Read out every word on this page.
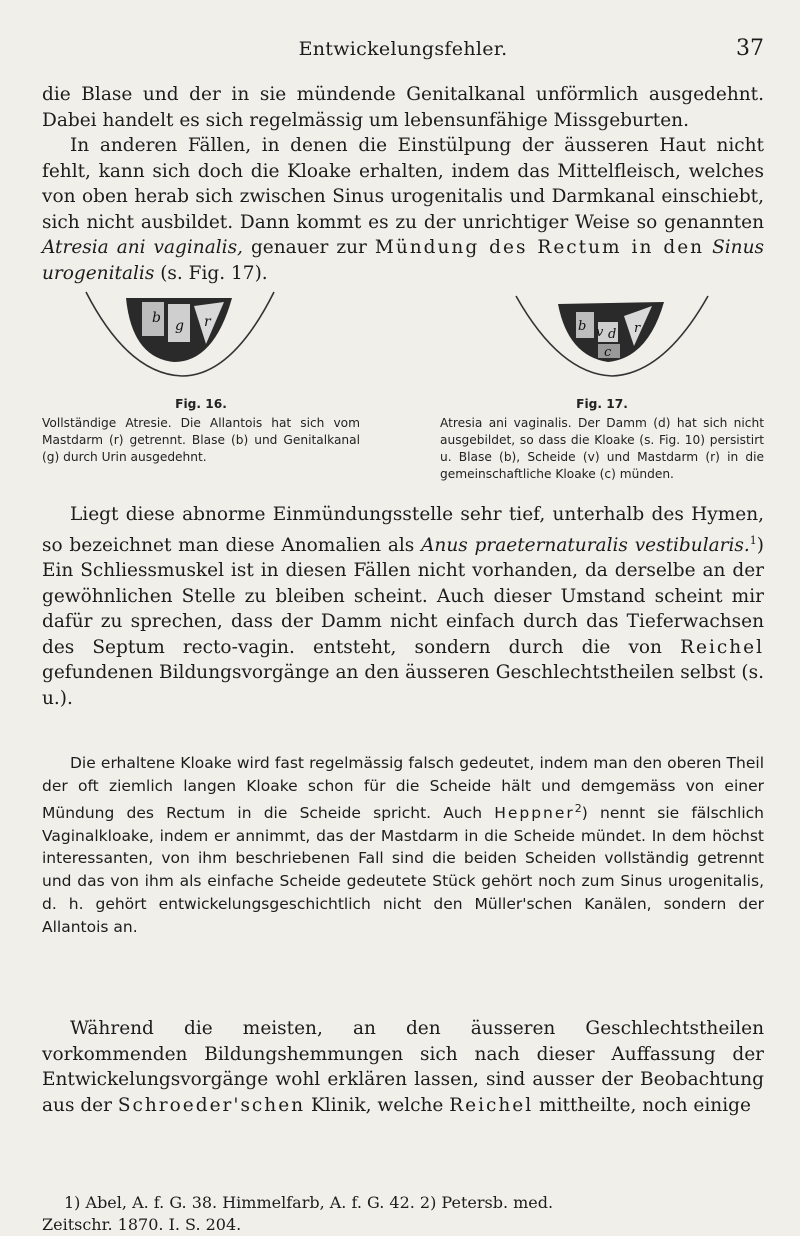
Entwickelungsfehler.	37

die Blase und der in sie mündende Genitalkanal unförmlich ausgedehnt. Dabei handelt es sich regelmässig um lebensunfähige Missgeburten.

In anderen Fällen, in denen die Einstülpung der äusseren Haut nicht fehlt, kann sich doch die Kloake erhalten, indem das Mittelfleisch, welches von oben herab sich zwischen Sinus urogenitalis und Darmkanal einschiebt, sich nicht ausbildet. Dann kommt es zu der unrichtiger Weise so genannten Atresia ani vaginalis, genauer zur Mündung des Rectum in den Sinus urogenitalis (s. Fig. 17).

b g r
Fig. 16.
Vollständige Atresie. Die Allantois hat sich vom Mastdarm (r) getrennt. Blase (b) und Genitalkanal (g) durch Urin ausgedehnt.
b v d r
c
Fig. 17.
Atresia ani vaginalis. Der Damm (d) hat sich nicht ausgebildet, so dass die Kloake (s. Fig. 10) persistirt u. Blase (b), Scheide (v) und Mastdarm (r) in die gemeinschaftliche Kloake (c) münden.

Liegt diese abnorme Einmündungsstelle sehr tief, unterhalb des Hymen, so bezeichnet man diese Anomalien als Anus praeternaturalis vestibularis.$^1$) Ein Schliessmuskel ist in diesen Fällen nicht vorhanden, da derselbe an der gewöhnlichen Stelle zu bleiben scheint. Auch dieser Umstand scheint mir dafür zu sprechen, dass der Damm nicht einfach durch das Tieferwachsen des Septum recto-vagin. entsteht, sondern durch die von Reichel gefundenen Bildungsvorgänge an den äusseren Geschlechtstheilen selbst (s. u.).

Die erhaltene Kloake wird fast regelmässig falsch gedeutet, indem man den oberen Theil der oft ziemlich langen Kloake schon für die Scheide hält und demgemäss von einer Mündung des Rectum in die Scheide spricht. Auch Heppner$^2$) nennt sie fälschlich Vaginalkloake, indem er annimmt, das der Mastdarm in die Scheide mündet. In dem höchst interessanten, von ihm beschriebenen Fall sind die beiden Scheiden vollständig getrennt und das von ihm als einfache Scheide gedeutete Stück gehört noch zum Sinus urogenitalis, d. h. gehört entwickelungsgeschichtlich nicht den Müller'schen Kanälen, sondern der Allantois an.

Während die meisten, an den äusseren Geschlechtstheilen vorkommenden Bildungshemmungen sich nach dieser Auffassung der Entwickelungsvorgänge wohl erklären lassen, sind ausser der Beobachtung aus der Schroeder'schen Klinik, welche Reichel mittheilte, noch einige

1) Abel, A. f. G. 38. Himmelfarb, A. f. G. 42. 2) Petersb. med.

Zeitschr. 1870. I. S. 204.
